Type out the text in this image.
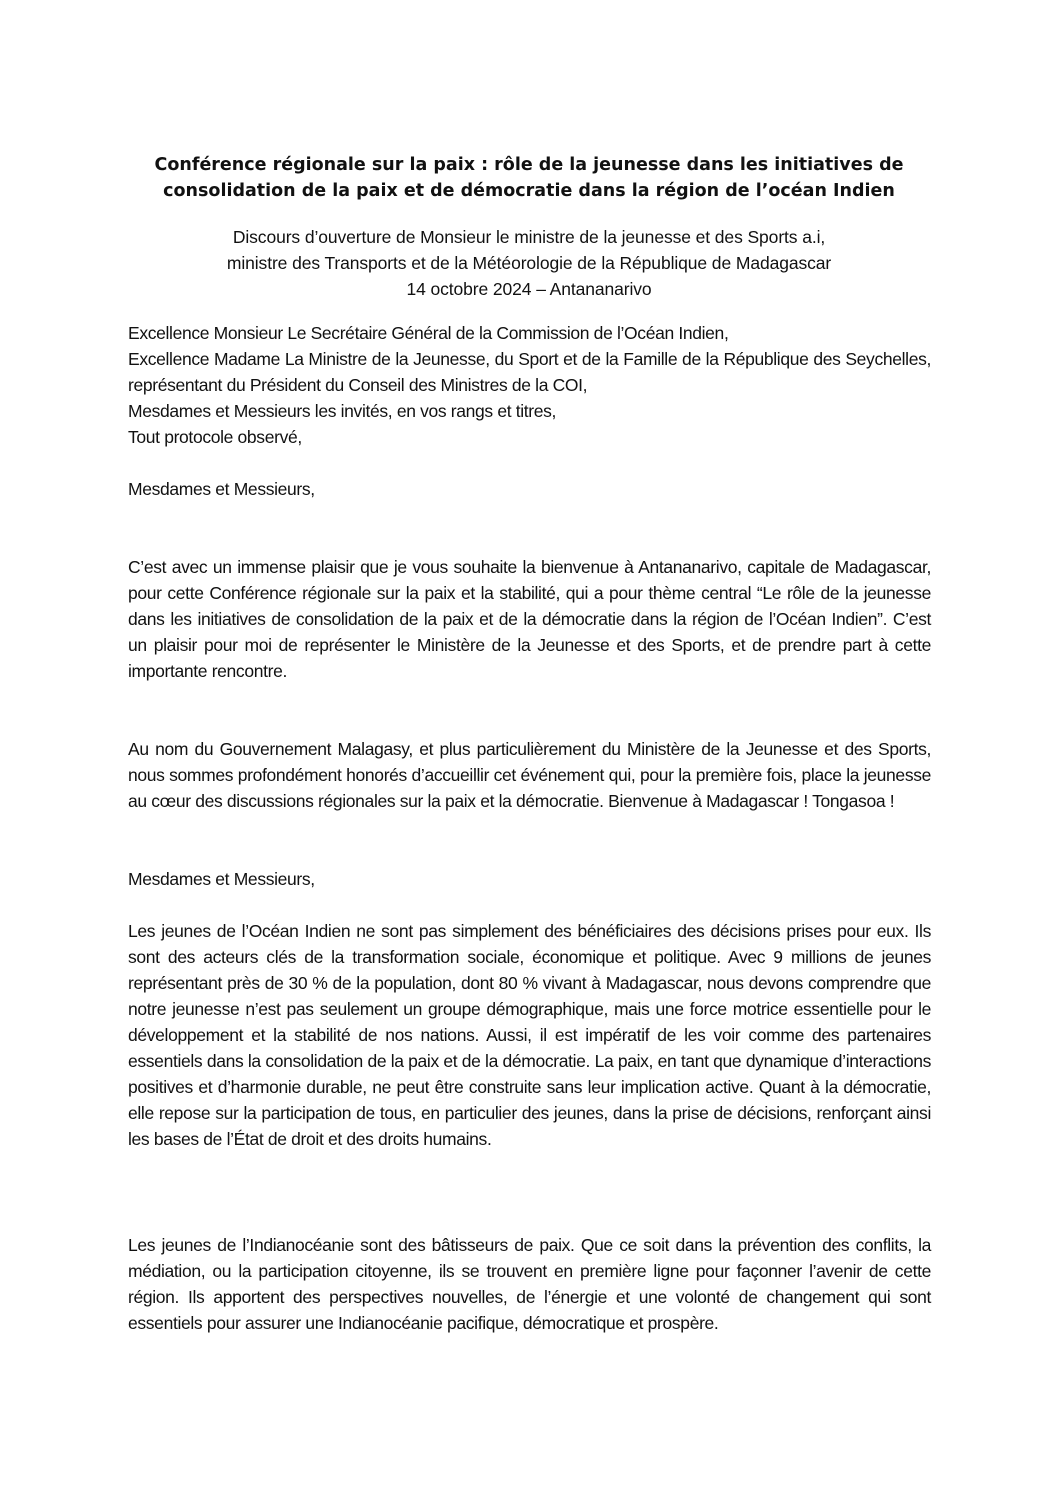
Conférence régionale sur la paix : rôle de la jeunesse dans les initiatives de
consolidation de la paix et de démocratie dans la région de l’océan Indien
Discours d’ouverture de Monsieur le ministre de la jeunesse et des Sports a.i,
ministre des Transports et de la Météorologie de la République de Madagascar
14 octobre 2024 – Antananarivo
Excellence Monsieur Le Secrétaire Général de la Commission de l’Océan Indien,
Excellence Madame La Ministre de la Jeunesse, du Sport et de la Famille de la République des Seychelles, représentant du Président du Conseil des Ministres de la COI,
Mesdames et Messieurs les invités, en vos rangs et titres,
Tout protocole observé,
Mesdames et Messieurs,
C’est avec un immense plaisir que je vous souhaite la bienvenue à Antananarivo, capitale de Madagascar, pour cette Conférence régionale sur la paix et la stabilité, qui a pour thème central “Le rôle de la jeunesse dans les initiatives de consolidation de la paix et de la démocratie dans la région de l’Océan Indien”. C’est un plaisir pour moi de représenter le Ministère de la Jeunesse et des Sports, et de prendre part à cette importante rencontre.
Au nom du Gouvernement Malagasy, et plus particulièrement du Ministère de la Jeunesse et des Sports, nous sommes profondément honorés d’accueillir cet événement qui, pour la première fois, place la jeunesse au cœur des discussions régionales sur la paix et la démocratie. Bienvenue à Madagascar ! Tongasoa !
Mesdames et Messieurs,
Les jeunes de l’Océan Indien ne sont pas simplement des bénéficiaires des décisions prises pour eux. Ils sont des acteurs clés de la transformation sociale, économique et politique. Avec 9 millions de jeunes représentant près de 30 % de la population, dont 80 % vivant à Madagascar, nous devons comprendre que notre jeunesse n’est pas seulement un groupe démographique, mais une force motrice essentielle pour le développement et la stabilité de nos nations. Aussi, il est impératif de les voir comme des partenaires essentiels dans la consolidation de la paix et de la démocratie. La paix, en tant que dynamique d’interactions positives et d’harmonie durable, ne peut être construite sans leur implication active. Quant à la démocratie, elle repose sur la participation de tous, en particulier des jeunes, dans la prise de décisions, renforçant ainsi les bases de l’État de droit et des droits humains.
Les jeunes de l’Indianocéanie sont des bâtisseurs de paix. Que ce soit dans la prévention des conflits, la médiation, ou la participation citoyenne, ils se trouvent en première ligne pour façonner l’avenir de cette région. Ils apportent des perspectives nouvelles, de l’énergie et une volonté de changement qui sont essentiels pour assurer une Indianocéanie pacifique, démocratique et prospère.
